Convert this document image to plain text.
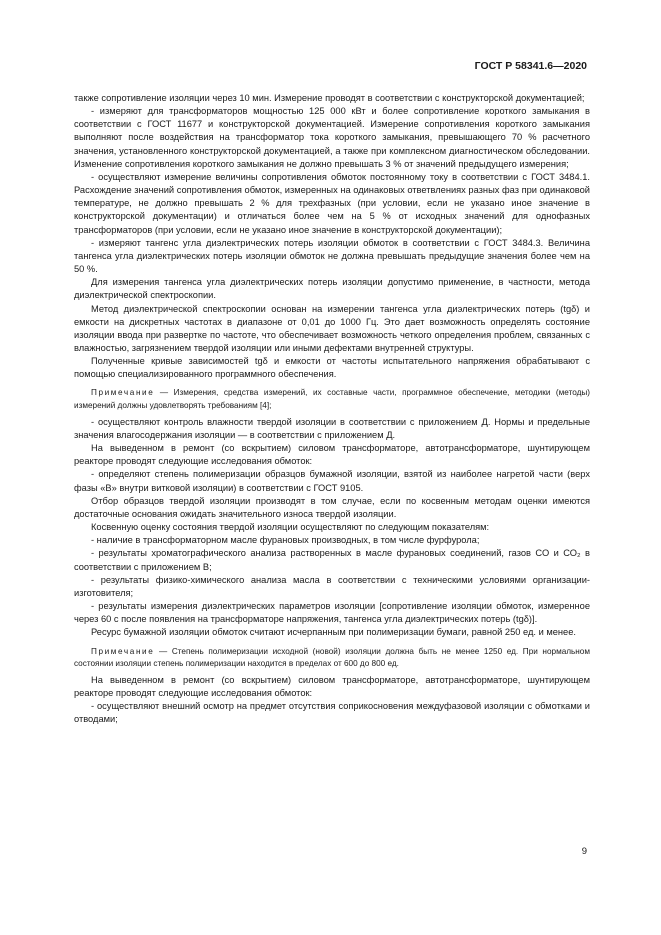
ГОСТ Р 58341.6—2020

также сопротивление изоляции через 10 мин. Измерение проводят в соответствии с конструкторской документацией;

- измеряют для трансформаторов мощностью 125 000 кВт и более сопротивление короткого замыкания в соответствии с ГОСТ 11677 и конструкторской документацией. Измерение сопротивления короткого замыкания выполняют после воздействия на трансформатор тока короткого замыкания, превышающего 70 % расчетного значения, установленного конструкторской документацией, а также при комплексном диагностическом обследовании. Изменение сопротивления короткого замыкания не должно превышать 3 % от значений предыдущего измерения;

- осуществляют измерение величины сопротивления обмоток постоянному току в соответствии с ГОСТ 3484.1. Расхождение значений сопротивления обмоток, измеренных на одинаковых ответвлениях разных фаз при одинаковой температуре, не должно превышать 2 % для трехфазных (при условии, если не указано иное значение в конструкторской документации) и отличаться более чем на 5 % от исходных значений для однофазных трансформаторов (при условии, если не указано иное значение в конструкторской документации);

- измеряют тангенс угла диэлектрических потерь изоляции обмоток в соответствии с ГОСТ 3484.3. Величина тангенса угла диэлектрических потерь изоляции обмоток не должна превышать предыдущие значения более чем на 50 %.

Для измерения тангенса угла диэлектрических потерь изоляции допустимо применение, в частности, метода диэлектрической спектроскопии.

Метод диэлектрической спектроскопии основан на измерении тангенса угла диэлектрических потерь (tgδ) и емкости на дискретных частотах в диапазоне от 0,01 до 1000 Гц. Это дает возможность определять состояние изоляции ввода при развертке по частоте, что обеспечивает возможность четкого определения проблем, связанных с влажностью, загрязнением твердой изоляции или иными дефектами внутренней структуры.

Полученные кривые зависимостей tgδ и емкости от частоты испытательного напряжения обрабатывают с помощью специализированного программного обеспечения.

Примечание — Измерения, средства измерений, их составные части, программное обеспечение, методики (методы) измерений должны удовлетворять требованиям [4];

- осуществляют контроль влажности твердой изоляции в соответствии с приложением Д. Нормы и предельные значения влагосодержания изоляции — в соответствии с приложением Д.

На выведенном в ремонт (со вскрытием) силовом трансформаторе, автотрансформаторе, шунтирующем реакторе проводят следующие исследования обмоток:

- определяют степень полимеризации образцов бумажной изоляции, взятой из наиболее нагретой части (верх фазы «В» внутри витковой изоляции) в соответствии с ГОСТ 9105.

Отбор образцов твердой изоляции производят в том случае, если по косвенным методам оценки имеются достаточные основания ожидать значительного износа твердой изоляции.

Косвенную оценку состояния твердой изоляции осуществляют по следующим показателям:

- наличие в трансформаторном масле фурановых производных, в том числе фурфурола;

- результаты хроматографического анализа растворенных в масле фурановых соединений, газов СО и СО₂ в соответствии с приложением В;

- результаты физико-химического анализа масла в соответствии с техническими условиями организации-изготовителя;

- результаты измерения диэлектрических параметров изоляции [сопротивление изоляции обмоток, измеренное через 60 с после появления на трансформаторе напряжения, тангенса угла диэлектрических потерь (tgδ)].

Ресурс бумажной изоляции обмоток считают исчерпанным при полимеризации бумаги, равной 250 ед. и менее.

Примечание — Степень полимеризации исходной (новой) изоляции должна быть не менее 1250 ед. При нормальном состоянии изоляции степень полимеризации находится в пределах от 600 до 800 ед.

На выведенном в ремонт (со вскрытием) силовом трансформаторе, автотрансформаторе, шунтирующем реакторе проводят следующие исследования обмоток:

- осуществляют внешний осмотр на предмет отсутствия соприкосновения междуфазовой изоляции с обмотками и отводами;

9
